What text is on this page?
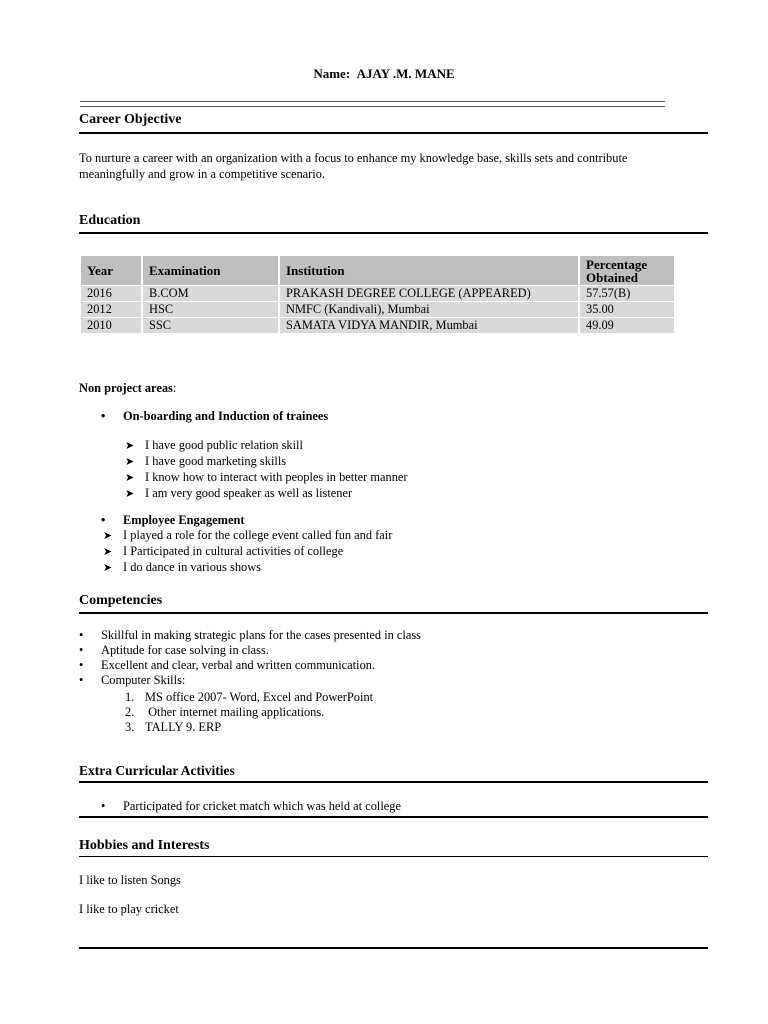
Name: AJAY .M. MANE
Career Objective
To nurture a career with an organization with a focus to enhance my knowledge base, skills sets and contribute
meaningfully and grow in a competitive scenario.
Education
Year	Examination	Institution	Percentage Obtained
2016	B.COM	PRAKASH DEGREE COLLEGE (APPEARED)	57.57(B)
2012	HSC	NMFC (Kandivali), Mumbai	35.00
2010	SSC	SAMATA VIDYA MANDIR, Mumbai	49.09
Non project areas:
• On-boarding and Induction of trainees
➤ I have good public relation skill
➤ I have good marketing skills
➤ I know how to interact with peoples in better manner
➤ I am very good speaker as well as listener
• Employee Engagement
➤ I played a role for the college event called fun and fair
➤ I Participated in cultural activities of college
➤ I do dance in various shows
Competencies
• Skillful in making strategic plans for the cases presented in class
• Aptitude for case solving in class.
• Excellent and clear, verbal and written communication.
• Computer Skills:
1. MS office 2007- Word, Excel and PowerPoint
2. Other internet mailing applications.
3. TALLY 9. ERP
Extra Curricular Activities
• Participated for cricket match which was held at college
Hobbies and Interests
I like to listen Songs
I like to play cricket
